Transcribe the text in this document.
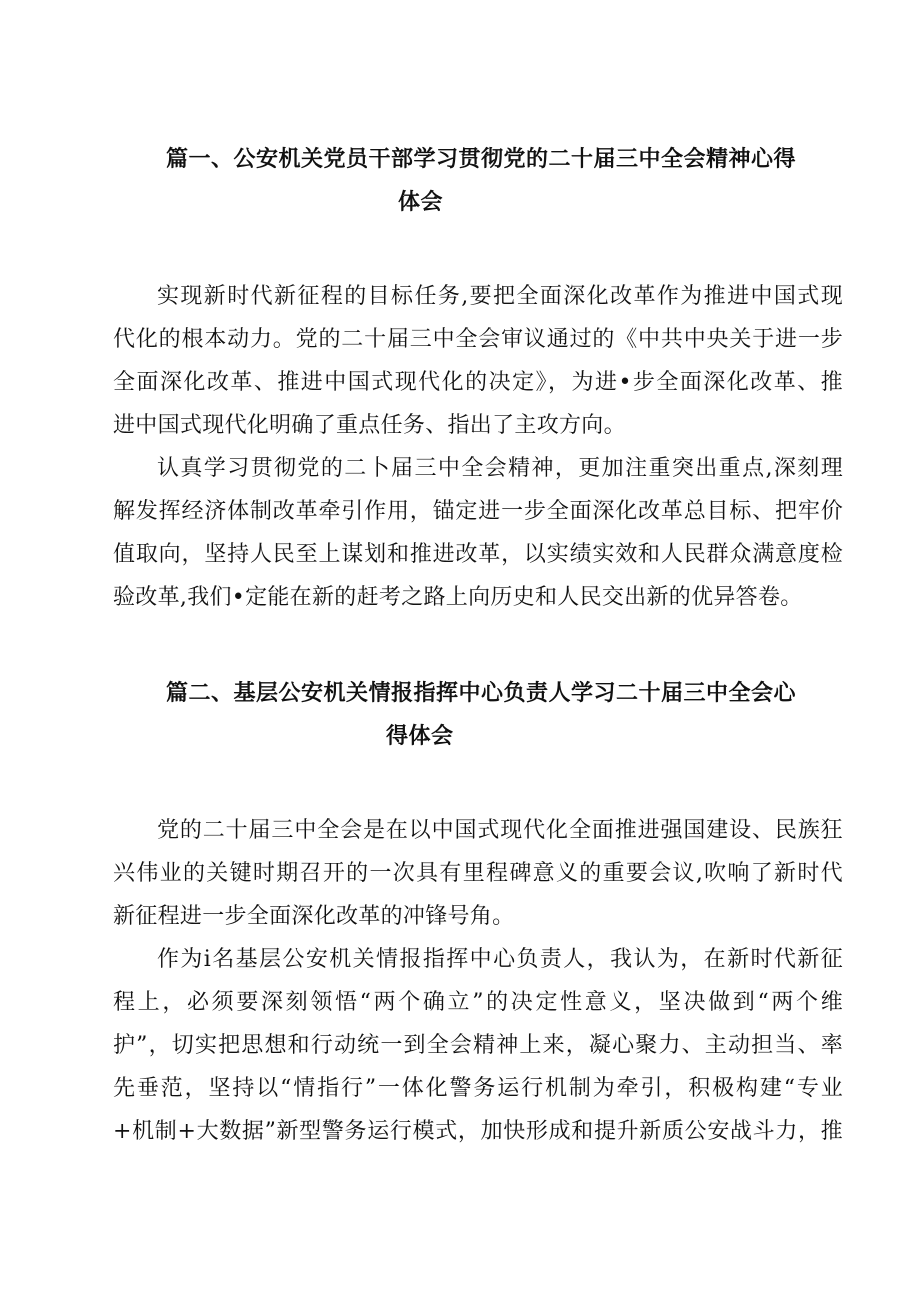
篇一、公安机关党员干部学习贯彻党的二十届三中全会精神心得
体会
实现新时代新征程的目标任务,要把全面深化改革作为推进中国式现
代化的根本动力。党的二十届三中全会审议通过的《中共中央关于进一步
全面深化改革、推进中国式现代化的决定》，为进•步全面深化改革、推
进中国式现代化明确了重点任务、指出了主攻方向。
认真学习贯彻党的二卜届三中全会精神，更加注重突出重点,深刻理
解发挥经济体制改革牵引作用，锚定进一步全面深化改革总目标、把牢价
值取向，坚持人民至上谋划和推进改革，以实绩实效和人民群众满意度检
验改革,我们•定能在新的赶考之路上向历史和人民交出新的优异答卷。
篇二、基层公安机关情报指挥中心负责人学习二十届三中全会心
得体会
党的二十届三中全会是在以中国式现代化全面推进强国建设、民族狂
兴伟业的关键时期召开的一次具有里程碑意义的重要会议,吹响了新时代
新征程进一步全面深化改革的冲锋号角。
作为i名基层公安机关情报指挥中心负责人，我认为，在新时代新征
程上，必须要深刻领悟“两个确立”的决定性意义，坚决做到“两个维
护”，切实把思想和行动统一到全会精神上来，凝心聚力、主动担当、率
先垂范，坚持以“情指行”一体化警务运行机制为牵引，积极构建“专业
+机制+大数据”新型警务运行模式，加快形成和提升新质公安战斗力，推
